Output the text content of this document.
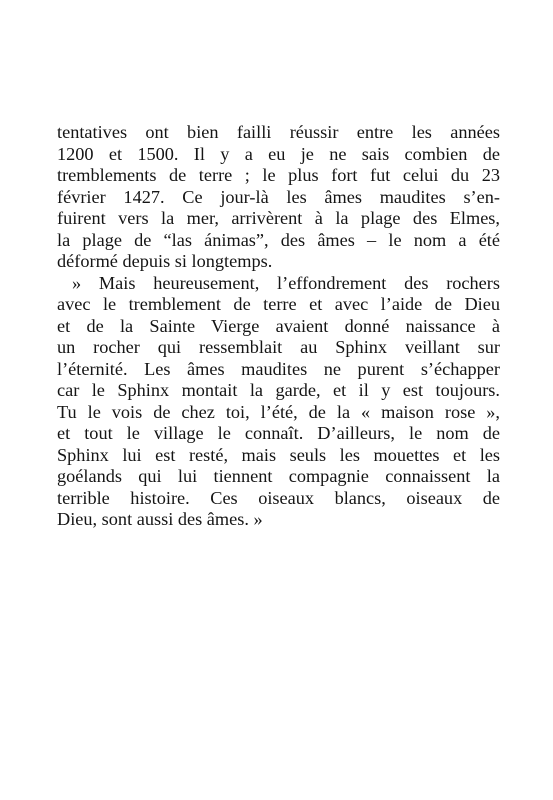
tentatives ont bien failli réussir entre les années
1200 et 1500. Il y a eu je ne sais combien de
tremblements de terre ; le plus fort fut celui du 23
février 1427. Ce jour-là les âmes maudites s’en-
fuirent vers la mer, arrivèrent à la plage des Elmes,
la plage de “las ánimas”, des âmes – le nom a été
déformé depuis si longtemps.
» Mais heureusement, l’effondrement des rochers
avec le tremblement de terre et avec l’aide de Dieu
et de la Sainte Vierge avaient donné naissance à
un rocher qui ressemblait au Sphinx veillant sur
l’éternité. Les âmes maudites ne purent s’échapper
car le Sphinx montait la garde, et il y est toujours.
Tu le vois de chez toi, l’été, de la « maison rose »,
et tout le village le connaît. D’ailleurs, le nom de
Sphinx lui est resté, mais seuls les mouettes et les
goélands qui lui tiennent compagnie connaissent la
terrible histoire. Ces oiseaux blancs, oiseaux de
Dieu, sont aussi des âmes. »
